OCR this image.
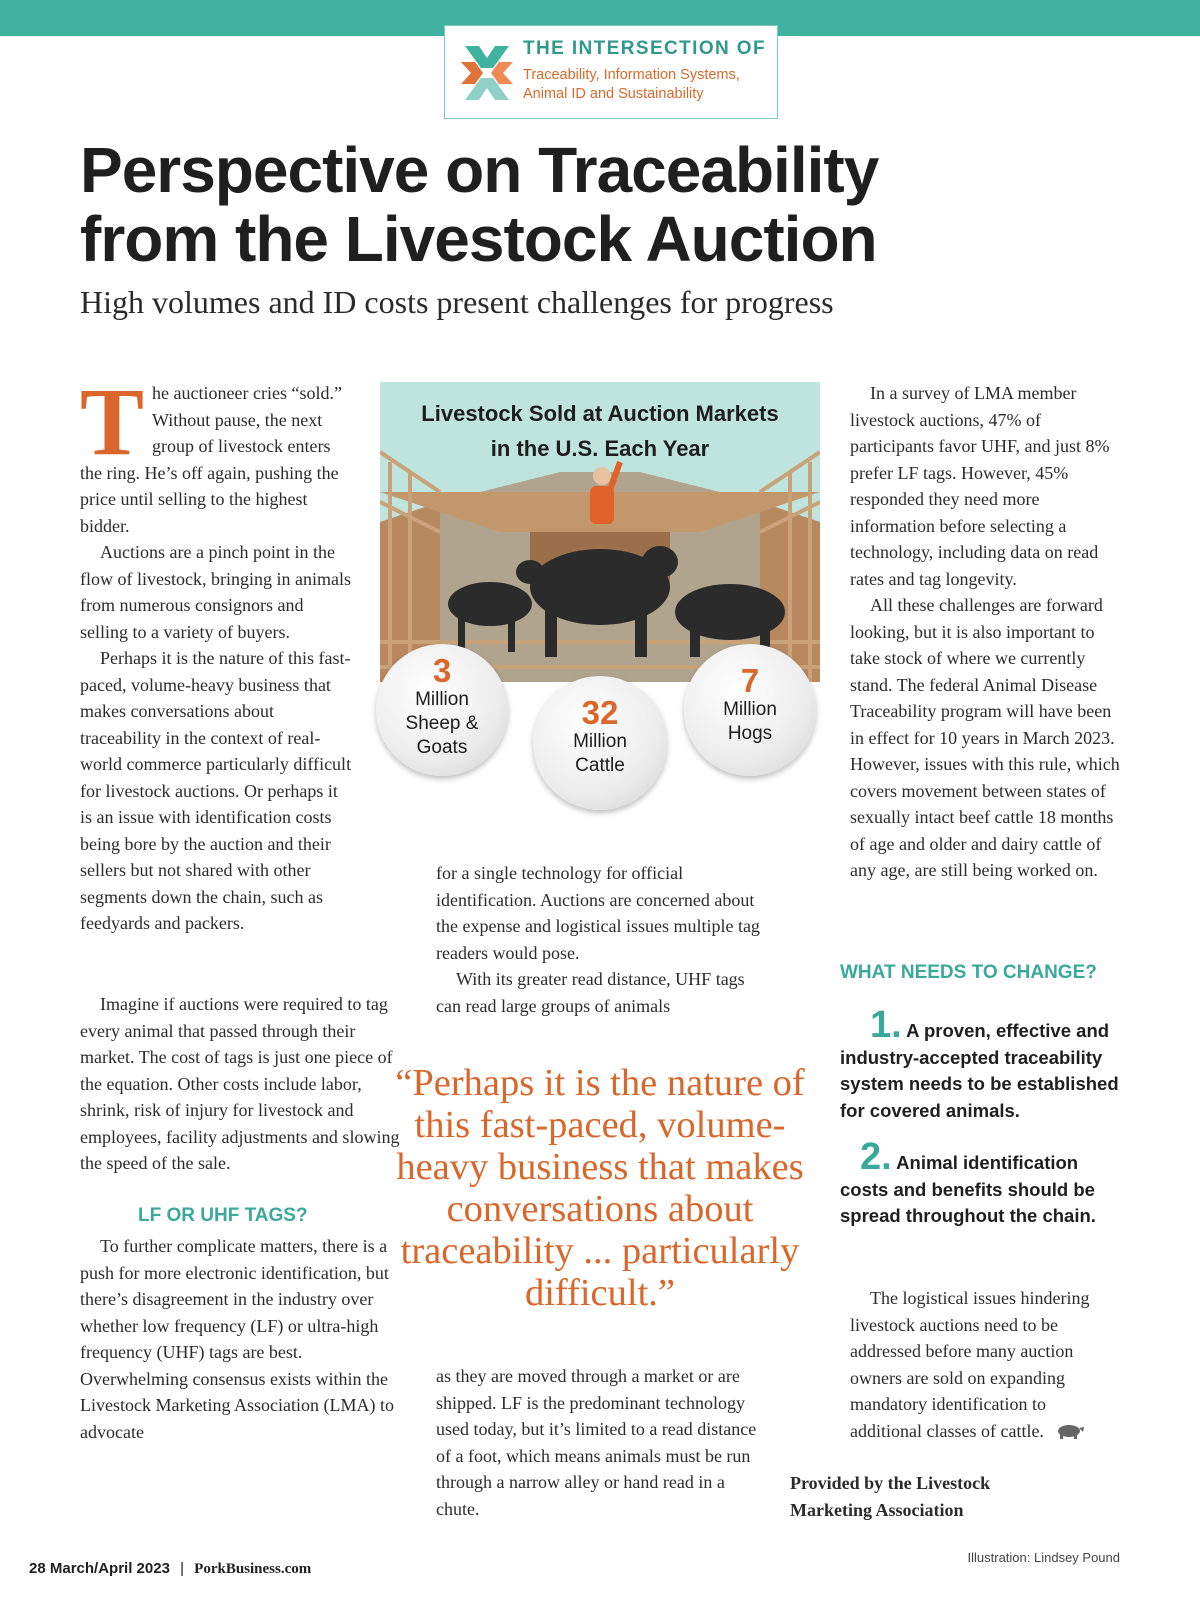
THE INTERSECTION OF
Traceability, Information Systems,
Animal ID and Sustainability
Perspective on Traceability from the Livestock Auction
High volumes and ID costs present challenges for progress
T he auctioneer cries “sold.” Without pause, the next group of livestock enters the ring. He’s off again, pushing the price until selling to the highest bidder.

Auctions are a pinch point in the flow of livestock, bringing in animals from numerous consignors and selling to a variety of buyers.

Perhaps it is the nature of this fast-paced, volume-heavy business that makes conversations about traceability in the context of real-world commerce particularly difficult for livestock auctions. Or perhaps it is an issue with identification costs being bore by the auction and their sellers but not shared with other segments down the chain, such as feedyards and packers.

Imagine if auctions were required to tag every animal that passed through their market. The cost of tags is just one piece of the equation. Other costs include labor, shrink, risk of injury for livestock and employees, facility adjustments and slowing the speed of the sale.

LF OR UHF TAGS?

To further complicate matters, there is a push for more electronic identification, but there’s disagreement in the industry over whether low frequency (LF) or ultra-high frequency (UHF) tags are best. Overwhelming consensus exists within the Livestock Marketing Association (LMA) to advocate

Livestock Sold at Auction Markets
in the U.S. Each Year
3
Million
Sheep &
Goats
32
Million
Cattle
7
Million
Hogs

for a single technology for official identification. Auctions are concerned about the expense and logistical issues multiple tag readers would pose.

With its greater read distance, UHF tags can read large groups of animals

“Perhaps it is the nature of this fast-paced, volume-heavy business that makes conversations about traceability ... particularly difficult.”

as they are moved through a market or are shipped. LF is the predominant technology used today, but it’s limited to a read distance of a foot, which means animals must be run through a narrow alley or hand read in a chute.

In a survey of LMA member livestock auctions, 47% of participants favor UHF, and just 8% prefer LF tags. However, 45% responded they need more information before selecting a technology, including data on read rates and tag longevity.

All these challenges are forward looking, but it is also important to take stock of where we currently stand. The federal Animal Disease Traceability program will have been in effect for 10 years in March 2023. However, issues with this rule, which covers movement between states of sexually intact beef cattle 18 months of age and older and dairy cattle of any age, are still being worked on.

WHAT NEEDS TO CHANGE?
1. A proven, effective and industry-accepted traceability system needs to be established for covered animals.
2. Animal identification costs and benefits should be spread throughout the chain.

The logistical issues hindering livestock auctions need to be addressed before many auction owners are sold on expanding mandatory identification to additional classes of cattle.

Provided by the Livestock
Marketing Association
28 March/April 2023 | PorkBusiness.com
Illustration: Lindsey Pound
